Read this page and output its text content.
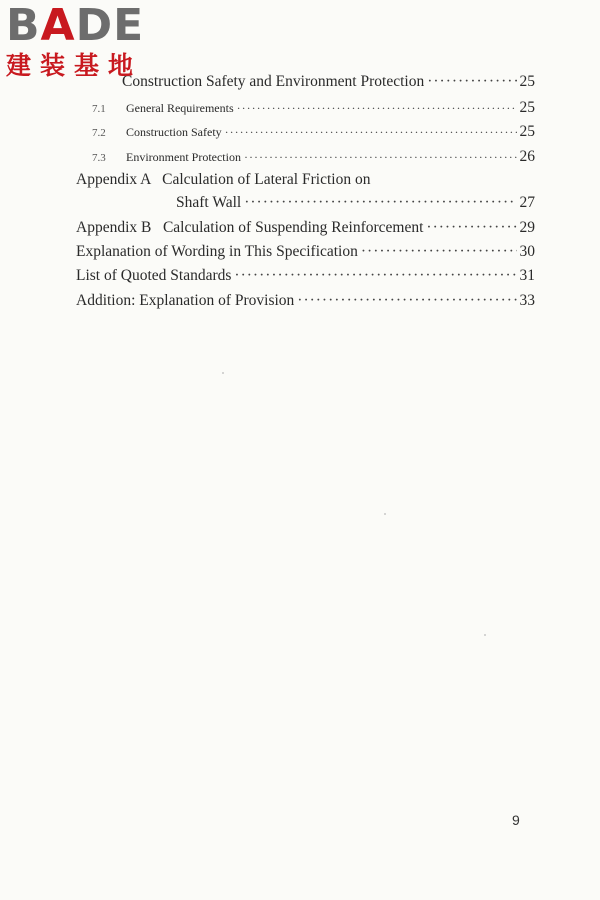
Construction Safety and Environment Protection ·····	25
7.1 General Requirements ·····	25
7.2 Construction Safety ·····	25
7.3 Environment Protection ·····	26
Appendix A   Calculation of Lateral Friction on
Shaft Wall ·····	27
Appendix B   Calculation of Suspending Reinforcement ·····	29
Explanation of Wording in This Specification ·····	30
List of Quoted Standards ·····	31
Addition: Explanation of Provision ·····	33
BADE
建装基地
9
